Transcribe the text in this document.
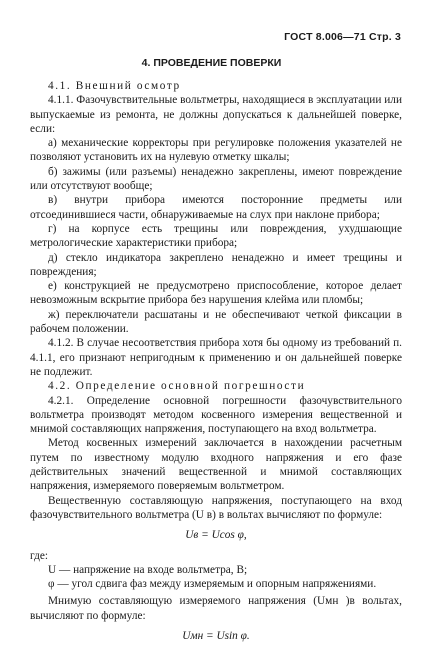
ГОСТ 8.006—71 Стр. 3
4. ПРОВЕДЕНИЕ ПОВЕРКИ

4.1. Внешний осмотр

4.1.1. Фазочувствительные вольтметры, находящиеся в эксплуатации или выпускаемые из ремонта, не должны допускаться к дальнейшей поверке, если:

а) механические корректоры при регулировке положения указателей не позволяют установить их на нулевую отметку шкалы;

б) зажимы (или разъемы) ненадежно закреплены, имеют повреждение или отсутствуют вообще;

в) внутри прибора имеются посторонние предметы или отсоединившиеся части, обнаруживаемые на слух при наклоне прибора;

г) на корпусе есть трещины или повреждения, ухудшающие метрологические характеристики прибора;

д) стекло индикатора закреплено ненадежно и имеет трещины и повреждения;

е) конструкцией не предусмотрено приспособление, которое делает невозможным вскрытие прибора без нарушения клейма или пломбы;

ж) переключатели расшатаны и не обеспечивают четкой фиксации в рабочем положении.

4.1.2. В случае несоответствия прибора хотя бы одному из требований п. 4.1.1, его признают непригодным к применению и он дальнейшей поверке не подлежит.

4.2. Определение основной погрешности

4.2.1. Определение основной погрешности фазочувствительного вольтметра производят методом косвенного измерения вещественной и мнимой составляющих напряжения, поступающего на вход вольтметра.

Метод косвенных измерений заключается в нахождении расчетным путем по известному модулю входного напряжения и его фазе действительных значений вещественной и мнимой составляющих напряжения, измеряемого поверяемым вольтметром.

Вещественную составляющую напряжения, поступающего на вход фазочувствительного вольтметра (U в) в вольтах вычисляют по формуле:

Uв = Ucos φ,

где:

U — напряжение на входе вольтметра, В;

φ — угол сдвига фаз между измеряемым и опорным напряжениями.

Мнимую составляющую измеряемого напряжения (Uмн )в вольтах, вычисляют по формуле:

Uмн = Usin φ.
